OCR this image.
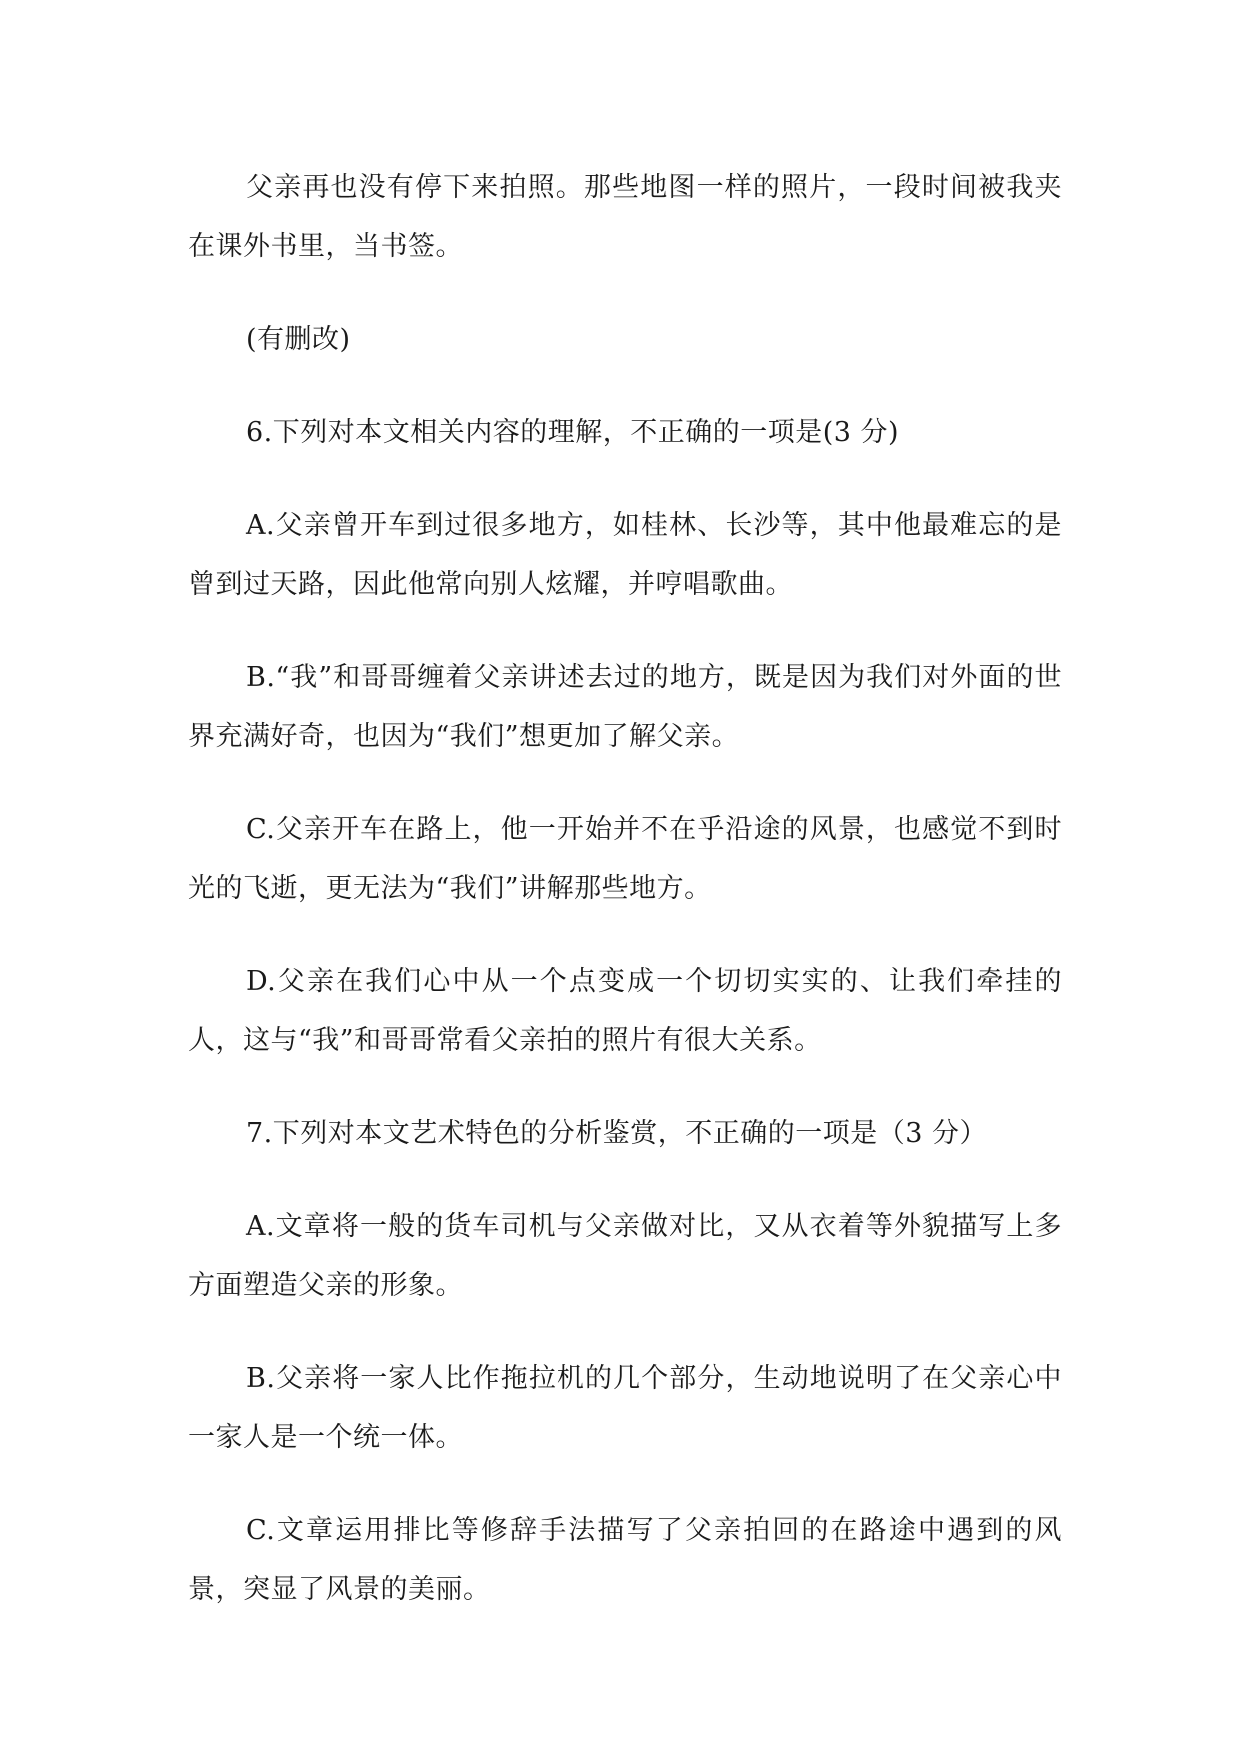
父亲再也没有停下来拍照。那些地图一样的照片，一段时间被我夹在课外书里，当书签。

(有删改)

6.下列对本文相关内容的理解，不正确的一项是(3 分)

A.父亲曾开车到过很多地方，如桂林、长沙等，其中他最难忘的是曾到过天路，因此他常向别人炫耀，并哼唱歌曲。

B.“我”和哥哥缠着父亲讲述去过的地方，既是因为我们对外面的世界充满好奇，也因为“我们”想更加了解父亲。

C.父亲开车在路上，他一开始并不在乎沿途的风景，也感觉不到时光的飞逝，更无法为“我们”讲解那些地方。

D.父亲在我们心中从一个点变成一个切切实实的、让我们牵挂的人，这与“我”和哥哥常看父亲拍的照片有很大关系。

7.下列对本文艺术特色的分析鉴赏，不正确的一项是（3 分）

A.文章将一般的货车司机与父亲做对比，又从衣着等外貌描写上多方面塑造父亲的形象。

B.父亲将一家人比作拖拉机的几个部分，生动地说明了在父亲心中一家人是一个统一体。

C.文章运用排比等修辞手法描写了父亲拍回的在路途中遇到的风景，突显了风景的美丽。
